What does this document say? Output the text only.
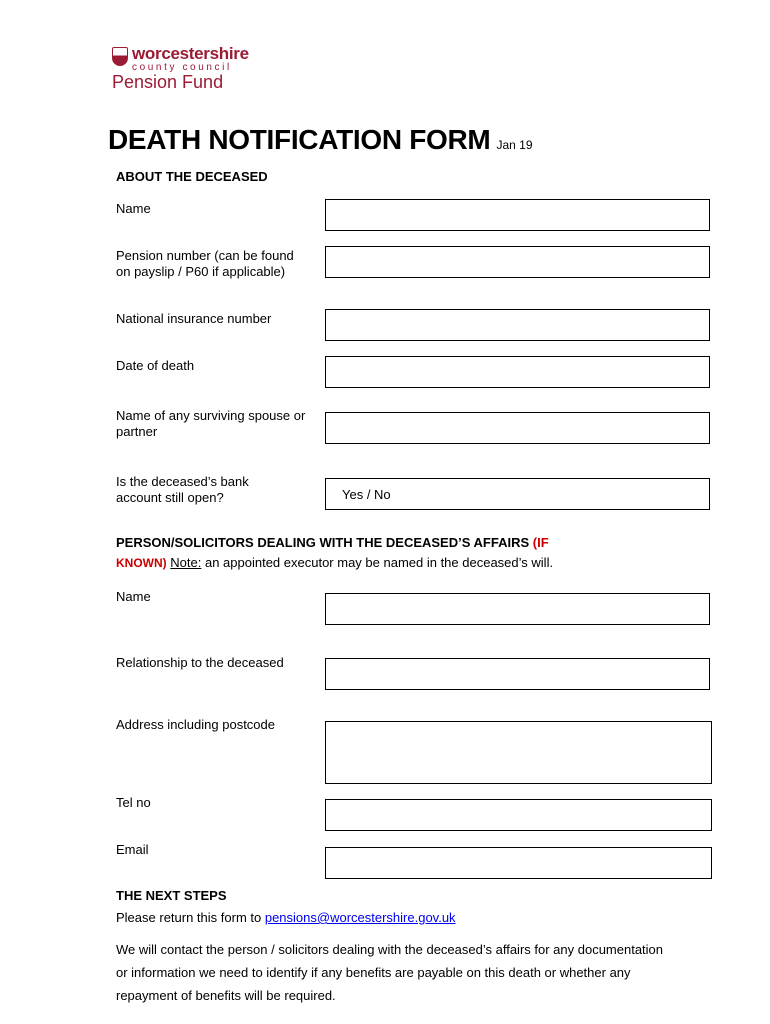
worcestershire
county council
Pension Fund
DEATH NOTIFICATION FORM Jan 19
ABOUT THE DECEASED
Name
Pension number (can be found on payslip / P60 if applicable)
National insurance number
Date of death
Name of any surviving spouse or partner
Is the deceased’s bank account still open?	Yes / No
PERSON/SOLICITORS DEALING WITH THE DECEASED’S AFFAIRS (IF
KNOWN) Note: an appointed executor may be named in the deceased’s will.
Name
Relationship to the deceased
Address including postcode
Tel no
Email
THE NEXT STEPS
Please return this form to pensions@worcestershire.gov.uk
We will contact the person / solicitors dealing with the deceased’s affairs for any documentation or information we need to identify if any benefits are payable on this death or whether any repayment of benefits will be required.
